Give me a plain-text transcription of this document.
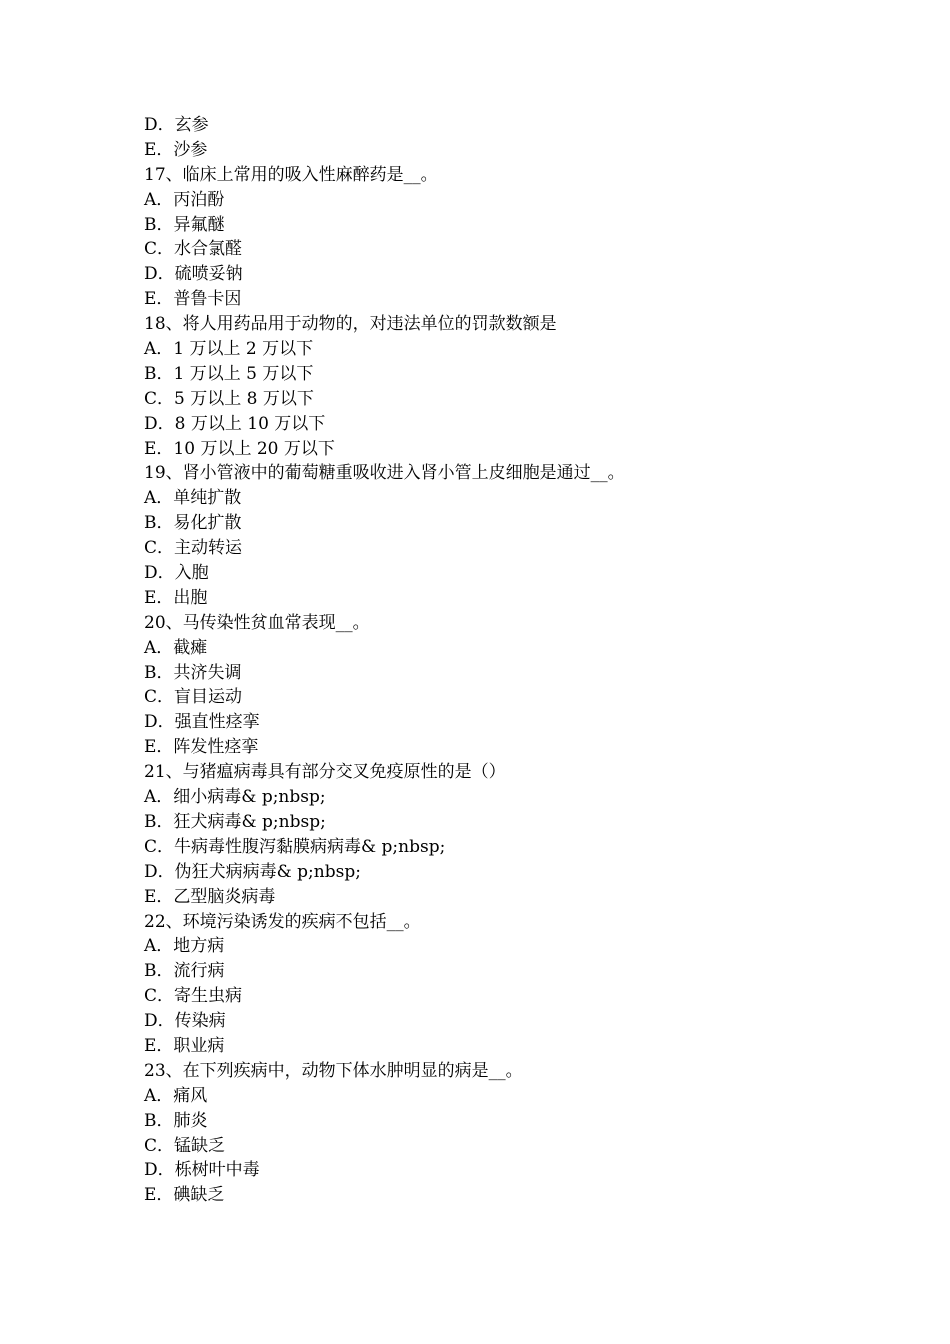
D．玄参
E．沙参
17、临床上常用的吸入性麻醉药是__。
A．丙泊酚
B．异氟醚
C．水合氯醛
D．硫喷妥钠
E．普鲁卡因
18、将人用药品用于动物的，对违法单位的罚款数额是
A．1 万以上 2 万以下
B．1 万以上 5 万以下
C．5 万以上 8 万以下
D．8 万以上 10 万以下
E．10 万以上 20 万以下
19、肾小管液中的葡萄糖重吸收进入肾小管上皮细胞是通过__。
A．单纯扩散
B．易化扩散
C．主动转运
D．入胞
E．出胞
20、马传染性贫血常表现__。
A．截瘫
B．共济失调
C．盲目运动
D．强直性痉挛
E．阵发性痉挛
21、与猪瘟病毒具有部分交叉免疫原性的是（）
A．细小病毒& p;nbsp;
B．狂犬病毒& p;nbsp;
C．牛病毒性腹泻黏膜病病毒& p;nbsp;
D．伪狂犬病病毒& p;nbsp;
E．乙型脑炎病毒
22、环境污染诱发的疾病不包括__。
A．地方病
B．流行病
C．寄生虫病
D．传染病
E．职业病
23、在下列疾病中，动物下体水肿明显的病是__。
A．痛风
B．肺炎
C．锰缺乏
D．栎树叶中毒
E．碘缺乏
